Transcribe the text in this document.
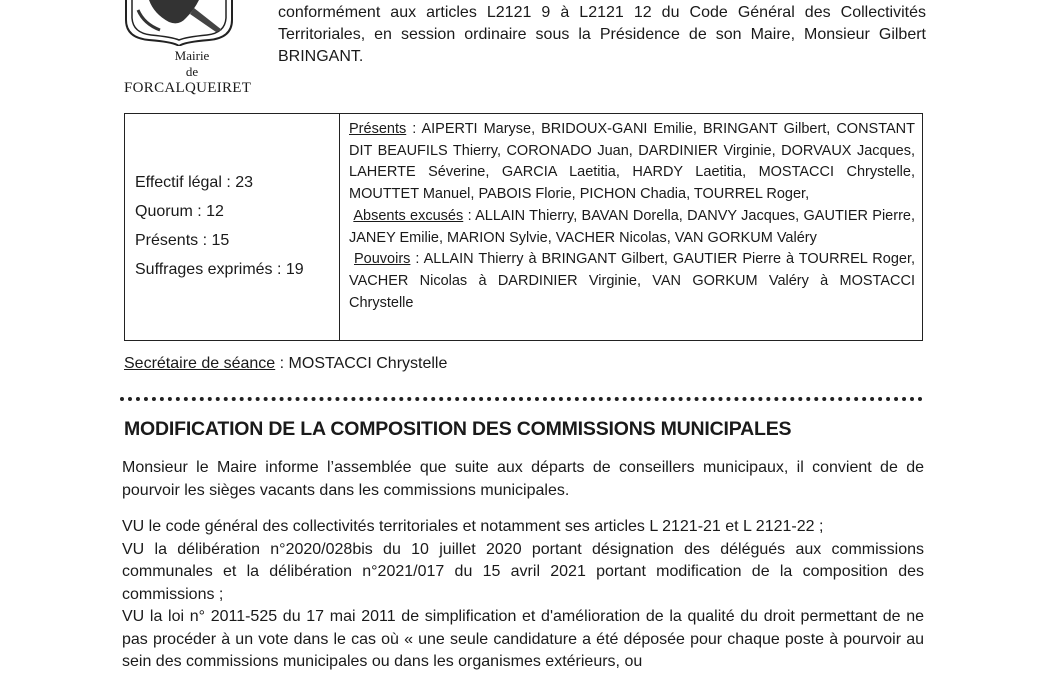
Mairie
de
FORCALQUEIRET
conformément aux articles L2121 9 à L2121 12 du Code Général des Collectivités Territoriales, en session ordinaire sous la Présidence de son Maire, Monsieur Gilbert BRINGANT.
Effectif légal : 23
Quorum : 12
Présents : 15
Suffrages exprimés : 19

Présents : AIPERTI Maryse, BRIDOUX-GANI Emilie, BRINGANT Gilbert, CONSTANT DIT BEAUFILS Thierry, CORONADO Juan, DARDINIER Virginie, DORVAUX Jacques, LAHERTE Séverine, GARCIA Laetitia, HARDY Laetitia, MOSTACCI Chrystelle, MOUTTET Manuel, PABOIS Florie, PICHON Chadia, TOURREL Roger,

Absents excusés : ALLAIN Thierry, BAVAN Dorella, DANVY Jacques, GAUTIER Pierre, JANEY Emilie, MARION Sylvie, VACHER Nicolas, VAN GORKUM Valéry

Pouvoirs : ALLAIN Thierry à BRINGANT Gilbert, GAUTIER Pierre à TOURREL Roger, VACHER Nicolas à DARDINIER Virginie, VAN GORKUM Valéry à MOSTACCI Chrystelle

Secrétaire de séance : MOSTACCI Chrystelle
MODIFICATION DE LA COMPOSITION DES COMMISSIONS MUNICIPALES

Monsieur le Maire informe l’assemblée que suite aux départs de conseillers municipaux, il convient de de pourvoir les sièges vacants dans les commissions municipales.

VU le code général des collectivités territoriales et notamment ses articles L 2121-21 et L 2121-22 ;

VU la délibération n°2020/028bis du 10 juillet 2020 portant désignation des délégués aux commissions communales et la délibération n°2021/017 du 15 avril 2021 portant modification de la composition des commissions ;

VU la loi n° 2011-525 du 17 mai 2011 de simplification et d'amélioration de la qualité du droit permettant de ne pas procéder à un vote dans le cas où « une seule candidature a été déposée pour chaque poste à pourvoir au sein des commissions municipales ou dans les organismes extérieurs, ou
